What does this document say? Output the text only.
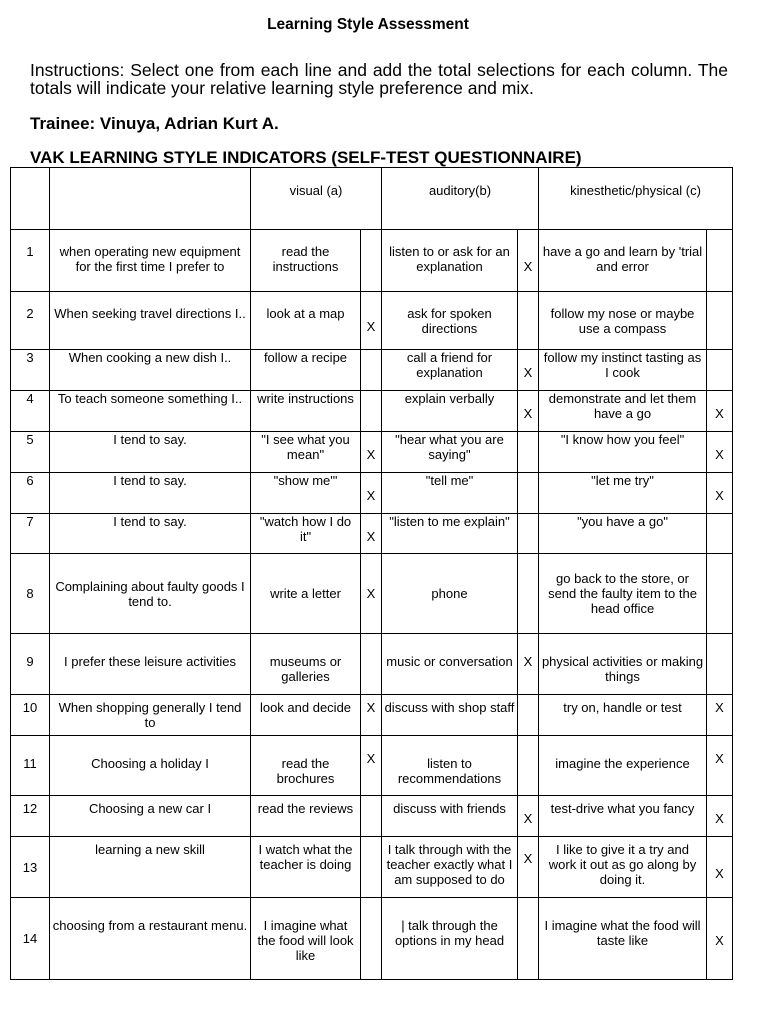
Learning Style Assessment
Instructions: Select one from each line and add the total selections for each column. The totals will indicate your relative learning style preference and mix.
Trainee: Vinuya, Adrian Kurt A.
VAK LEARNING STYLE INDICATORS (SELF-TEST QUESTIONNAIRE)
		visual (a)		auditory(b)		kinesthetic/physical (c)	

1	when operating new equipment for the first time I prefer to	read the instructions		listen to or ask for an explanation	X	have a go and learn by 'trial and error	
2	When seeking travel directions I..	look at a map	X	ask for spoken directions		follow my nose or maybe use a compass	
3	When cooking a new dish I..	follow a recipe		call a friend for explanation	X	follow my instinct tasting as I cook	
4	To teach someone something I..	write instructions		explain verbally	X	demonstrate and let them have a go	X
5	I tend to say.	"I see what you mean"	X	"hear what you are saying"		"I know how you feel"	X
6	I tend to say.	"show me'"	X	"tell me"		"let me try"	X
7	I tend to say.	"watch how I do it"	X	"listen to me explain"		"you have a go"	
8	Complaining about faulty goods I tend to.	write a letter	X	phone		go back to the store, or send the faulty item to the head office	
9	I prefer these leisure activities	museums or galleries		music or conversation	X	physical activities or making things	
10	When shopping generally I tend to	look and decide	X	discuss with shop staff		try on, handle or test	X
11	Choosing a holiday I	read the brochures	X	listen to recommendations		imagine the experience	X
12	Choosing a new car I	read the reviews		discuss with friends	X	test-drive what you fancy	X
13	learning a new skill	I watch what the teacher is doing		I talk through with the teacher exactly what I am supposed to do	X	I like to give it a try and work it out as go along by doing it.	X
14	choosing from a restaurant menu.	I imagine what the food will look like		| talk through the options in my head		I imagine what the food will taste like	X
